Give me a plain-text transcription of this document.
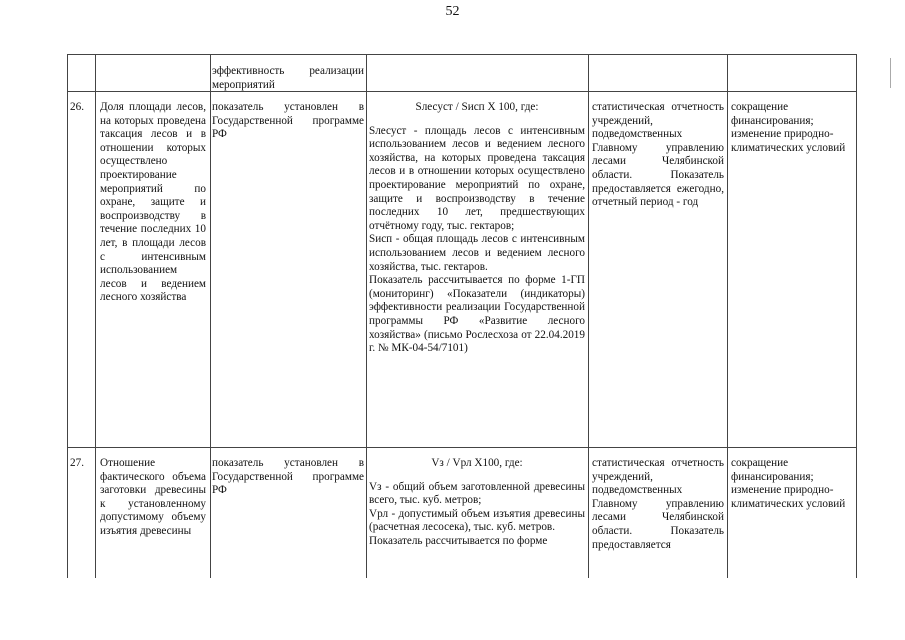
52
эффективность реализации мероприятий
26.	Доля площади лесов, на которых проведена таксация лесов и в отношении которых осуществлено проектирование мероприятий по охране, защите и воспроизводству в течение последних 10 лет, в площади лесов с интенсивным использованием лесов и ведением лесного хозяйства
показатель установлен в Государственной программе РФ

Sлесуст / Sисп Х 100, где:

Sлесуст - площадь лесов с интенсивным использованием лесов и ведением лесного хозяйства, на которых проведена таксация лесов и в отношении которых осуществлено проектирование мероприятий по охране, защите и воспроизводству в течение последних 10 лет, предшествующих отчётному году, тыс. гектаров;

Sисп - общая площадь лесов с интенсивным использованием лесов и ведением лесного хозяйства, тыс. гектаров.

Показатель рассчитывается по форме 1-ГП (мониторинг) «Показатели (индикаторы) эффективности реализации Государственной программы РФ «Развитие лесного хозяйства» (письмо Рослесхоза от 22.04.2019 г. № МК-04-54/7101)

статистическая отчетность учреждений, подведомственных Главному управлению лесами Челябинской области. Показатель предоставляется ежегодно, отчетный период - год
сокращение финансирования; изменение природно-климатических условий
27.	Отношение фактического объема заготовки древесины к установленному допустимому объему изъятия древесины
показатель установлен в Государственной программе РФ

Vз / Vрл Х100, где:

Vз - общий объем заготовленной древесины всего, тыс. куб. метров;

Vрл - допустимый объем изъятия древесины (расчетная лесосека), тыс. куб. метров.

Показатель рассчитывается по форме

статистическая отчетность учреждений, подведомственных Главному управлению лесами Челябинской области. Показатель предоставляется
сокращение финансирования; изменение природно-климатических условий
